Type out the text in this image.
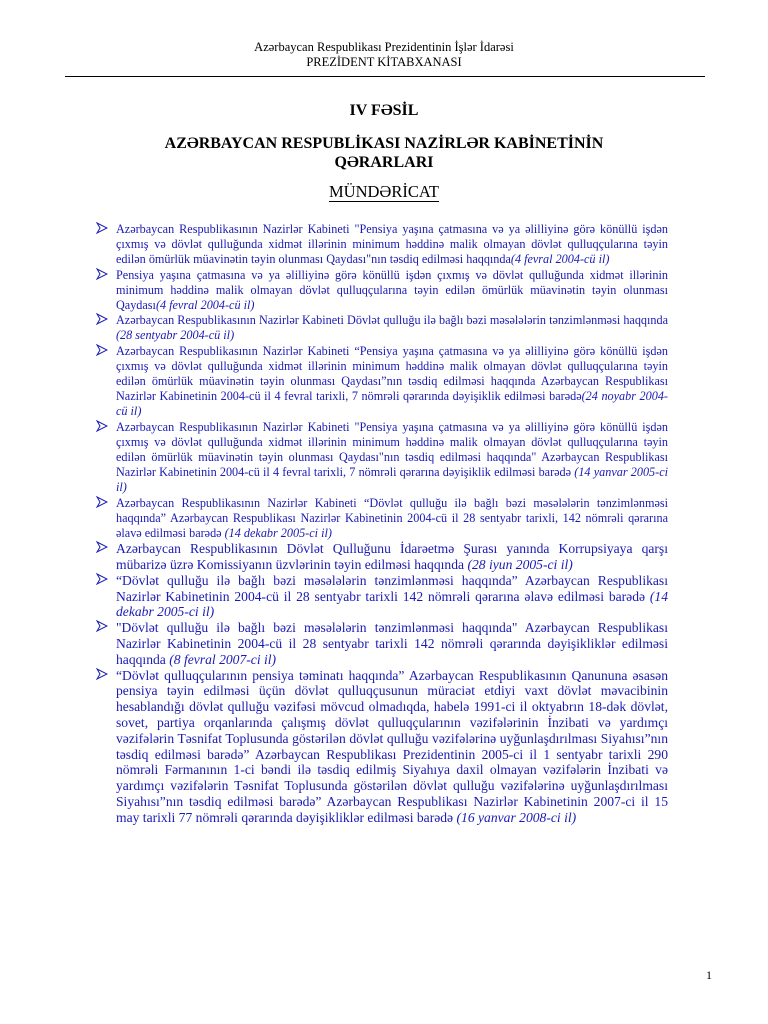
Azərbaycan Respublikası Prezidentinin İşlər İdarəsi
PREZİDENT KİTABXANASI
IV FƏSİL
AZƏRBAYCAN RESPUBLİKASI NAZİRLƏR KABİNETİNİN QƏRARLARI
MÜNDƏRİCAT
Azərbaycan Respublikasının Nazirlər Kabineti "Pensiya yaşına çatmasına və ya əlilliyinə görə könüllü işdən çıxmış və dövlət qulluğunda xidmət illərinin minimum həddinə malik olmayan dövlət qulluqçularına təyin edilən ömürlük müavinətin təyin olunması Qaydası"nın təsdiq edilməsi haqqında(4 fevral 2004-cü il)
Pensiya yaşına çatmasına və ya əlilliyinə görə könüllü işdən çıxmış və dövlət qulluğunda xidmət illərinin minimum həddinə malik olmayan dövlət qulluqçularına təyin edilən ömürlük müavinətin təyin olunması Qaydası(4 fevral 2004-cü il)
Azərbaycan Respublikasının Nazirlər Kabineti Dövlət qulluğu ilə bağlı bəzi məsələlərin tənzimlənməsi haqqında (28 sentyabr 2004-cü il)
Azərbaycan Respublikasının Nazirlər Kabineti “Pensiya yaşına çatmasına və ya əlilliyinə görə könüllü işdən çıxmış və dövlət qulluğunda xidmət illərinin minimum həddinə malik olmayan dövlət qulluqçularına təyin edilən ömürlük müavinətin təyin olunması Qaydası”nın təsdiq edilməsi haqqında Azərbaycan Respublikası Nazirlər Kabinetinin 2004-cü il 4 fevral tarixli, 7 nömrəli qərarında dəyişiklik edilməsi barədə(24 noyabr 2004-cü il)
Azərbaycan Respublikasının Nazirlər Kabineti "Pensiya yaşına çatmasına və ya əlilliyinə görə könüllü işdən çıxmış və dövlət qulluğunda xidmət illərinin minimum həddinə malik olmayan dövlət qulluqçularına təyin edilən ömürlük müavinətin təyin olunması Qaydası"nın təsdiq edilməsi haqqında" Azərbaycan Respublikası Nazirlər Kabinetinin 2004-cü il 4 fevral tarixli, 7 nömrəli qərarına dəyişiklik edilməsi barədə (14 yanvar 2005-ci il)
Azərbaycan Respublikasının Nazirlər Kabineti “Dövlət qulluğu ilə bağlı bəzi məsələlərin tənzimlənməsi haqqında” Azərbaycan Respublikası Nazirlər Kabinetinin 2004-cü il 28 sentyabr tarixli, 142 nömrəli qərarına əlavə edilməsi barədə (14 dekabr 2005-ci il)
Azərbaycan Respublikasının Dövlət Qulluğunu İdarəetmə Şurası yanında Korrupsiyaya qarşı mübarizə üzrə Komissiyanın üzvlərinin təyin edilməsi haqqında (28 iyun 2005-ci il)
“Dövlət qulluğu ilə bağlı bəzi məsələlərin tənzimlənməsi haqqında” Azərbaycan Respublikası Nazirlər Kabinetinin 2004-cü il 28 sentyabr tarixli 142 nömrəli qərarına əlavə edilməsi barədə (14 dekabr 2005-ci il)
"Dövlət qulluğu ilə bağlı bəzi məsələlərin tənzimlənməsi haqqında" Azərbaycan Respublikası Nazirlər Kabinetinin 2004-cü il 28 sentyabr tarixli 142 nömrəli qərarında dəyişikliklər edilməsi haqqında (8 fevral 2007-ci il)
“Dövlət qulluqçularının pensiya təminatı haqqında” Azərbaycan Respublikasının Qanununa əsasən pensiya təyin edilməsi üçün dövlət qulluqçusunun müraciət etdiyi vaxt dövlət məvacibinin hesablandığı dövlət qulluğu vəzifəsi mövcud olmadıqda, habelə 1991-ci il oktyabrın 18-dək dövlət, sovet, partiya orqanlarında çalışmış dövlət qulluqçularının vəzifələrinin İnzibati və yardımçı vəzifələrin Təsnifat Toplusunda göstərilən dövlət qulluğu vəzifələrinə uyğunlaşdırılması Siyahısı”nın təsdiq edilməsi barədə” Azərbaycan Respublikası Prezidentinin 2005-ci il 1 sentyabr tarixli 290 nömrəli Fərmanının 1-ci bəndi ilə təsdiq edilmiş Siyahıya daxil olmayan vəzifələrin İnzibati və yardımçı vəzifələrin Təsnifat Toplusunda göstərilən dövlət qulluğu vəzifələrinə uyğunlaşdırılması Siyahısı”nın təsdiq edilməsi barədə” Azərbaycan Respublikası Nazirlər Kabinetinin 2007-ci il 15 may tarixli 77 nömrəli qərarında dəyişikliklər edilməsi barədə (16 yanvar 2008-ci il)
1
